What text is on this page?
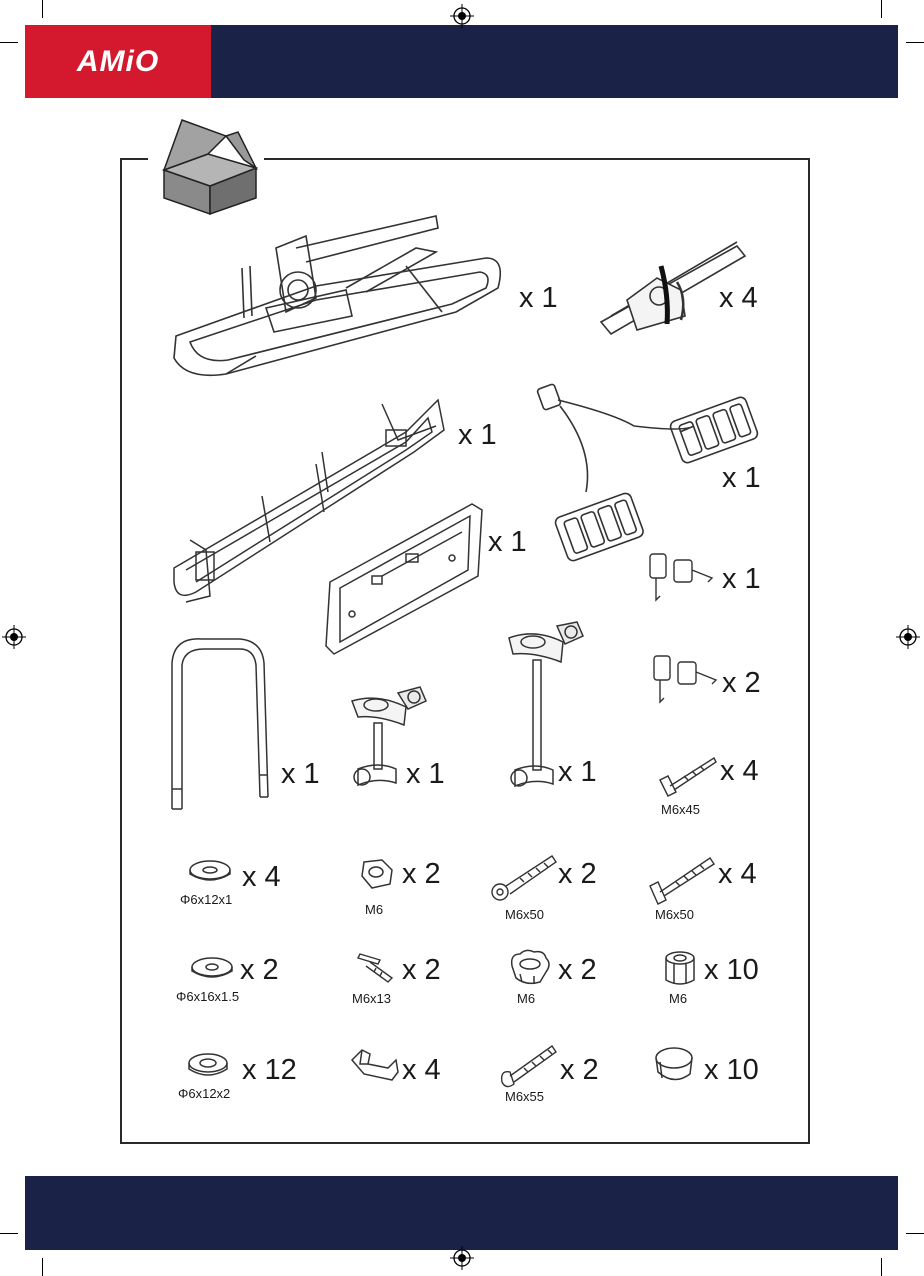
AMiO
x 1	x 4
x 1
x 1
x 1
x 1
x 1	x 1	x 1
x 2
x 4
M6x45
x 4
Φ6x12x1
x 2
M6
x 2
M6x50
x 4
M6x50
x 2
Φ6x16x1.5
x 2
M6x13
x 2
M6
x 10
M6
x 12
Φ6x12x2
x 4	x 2
M6x55
x 10
